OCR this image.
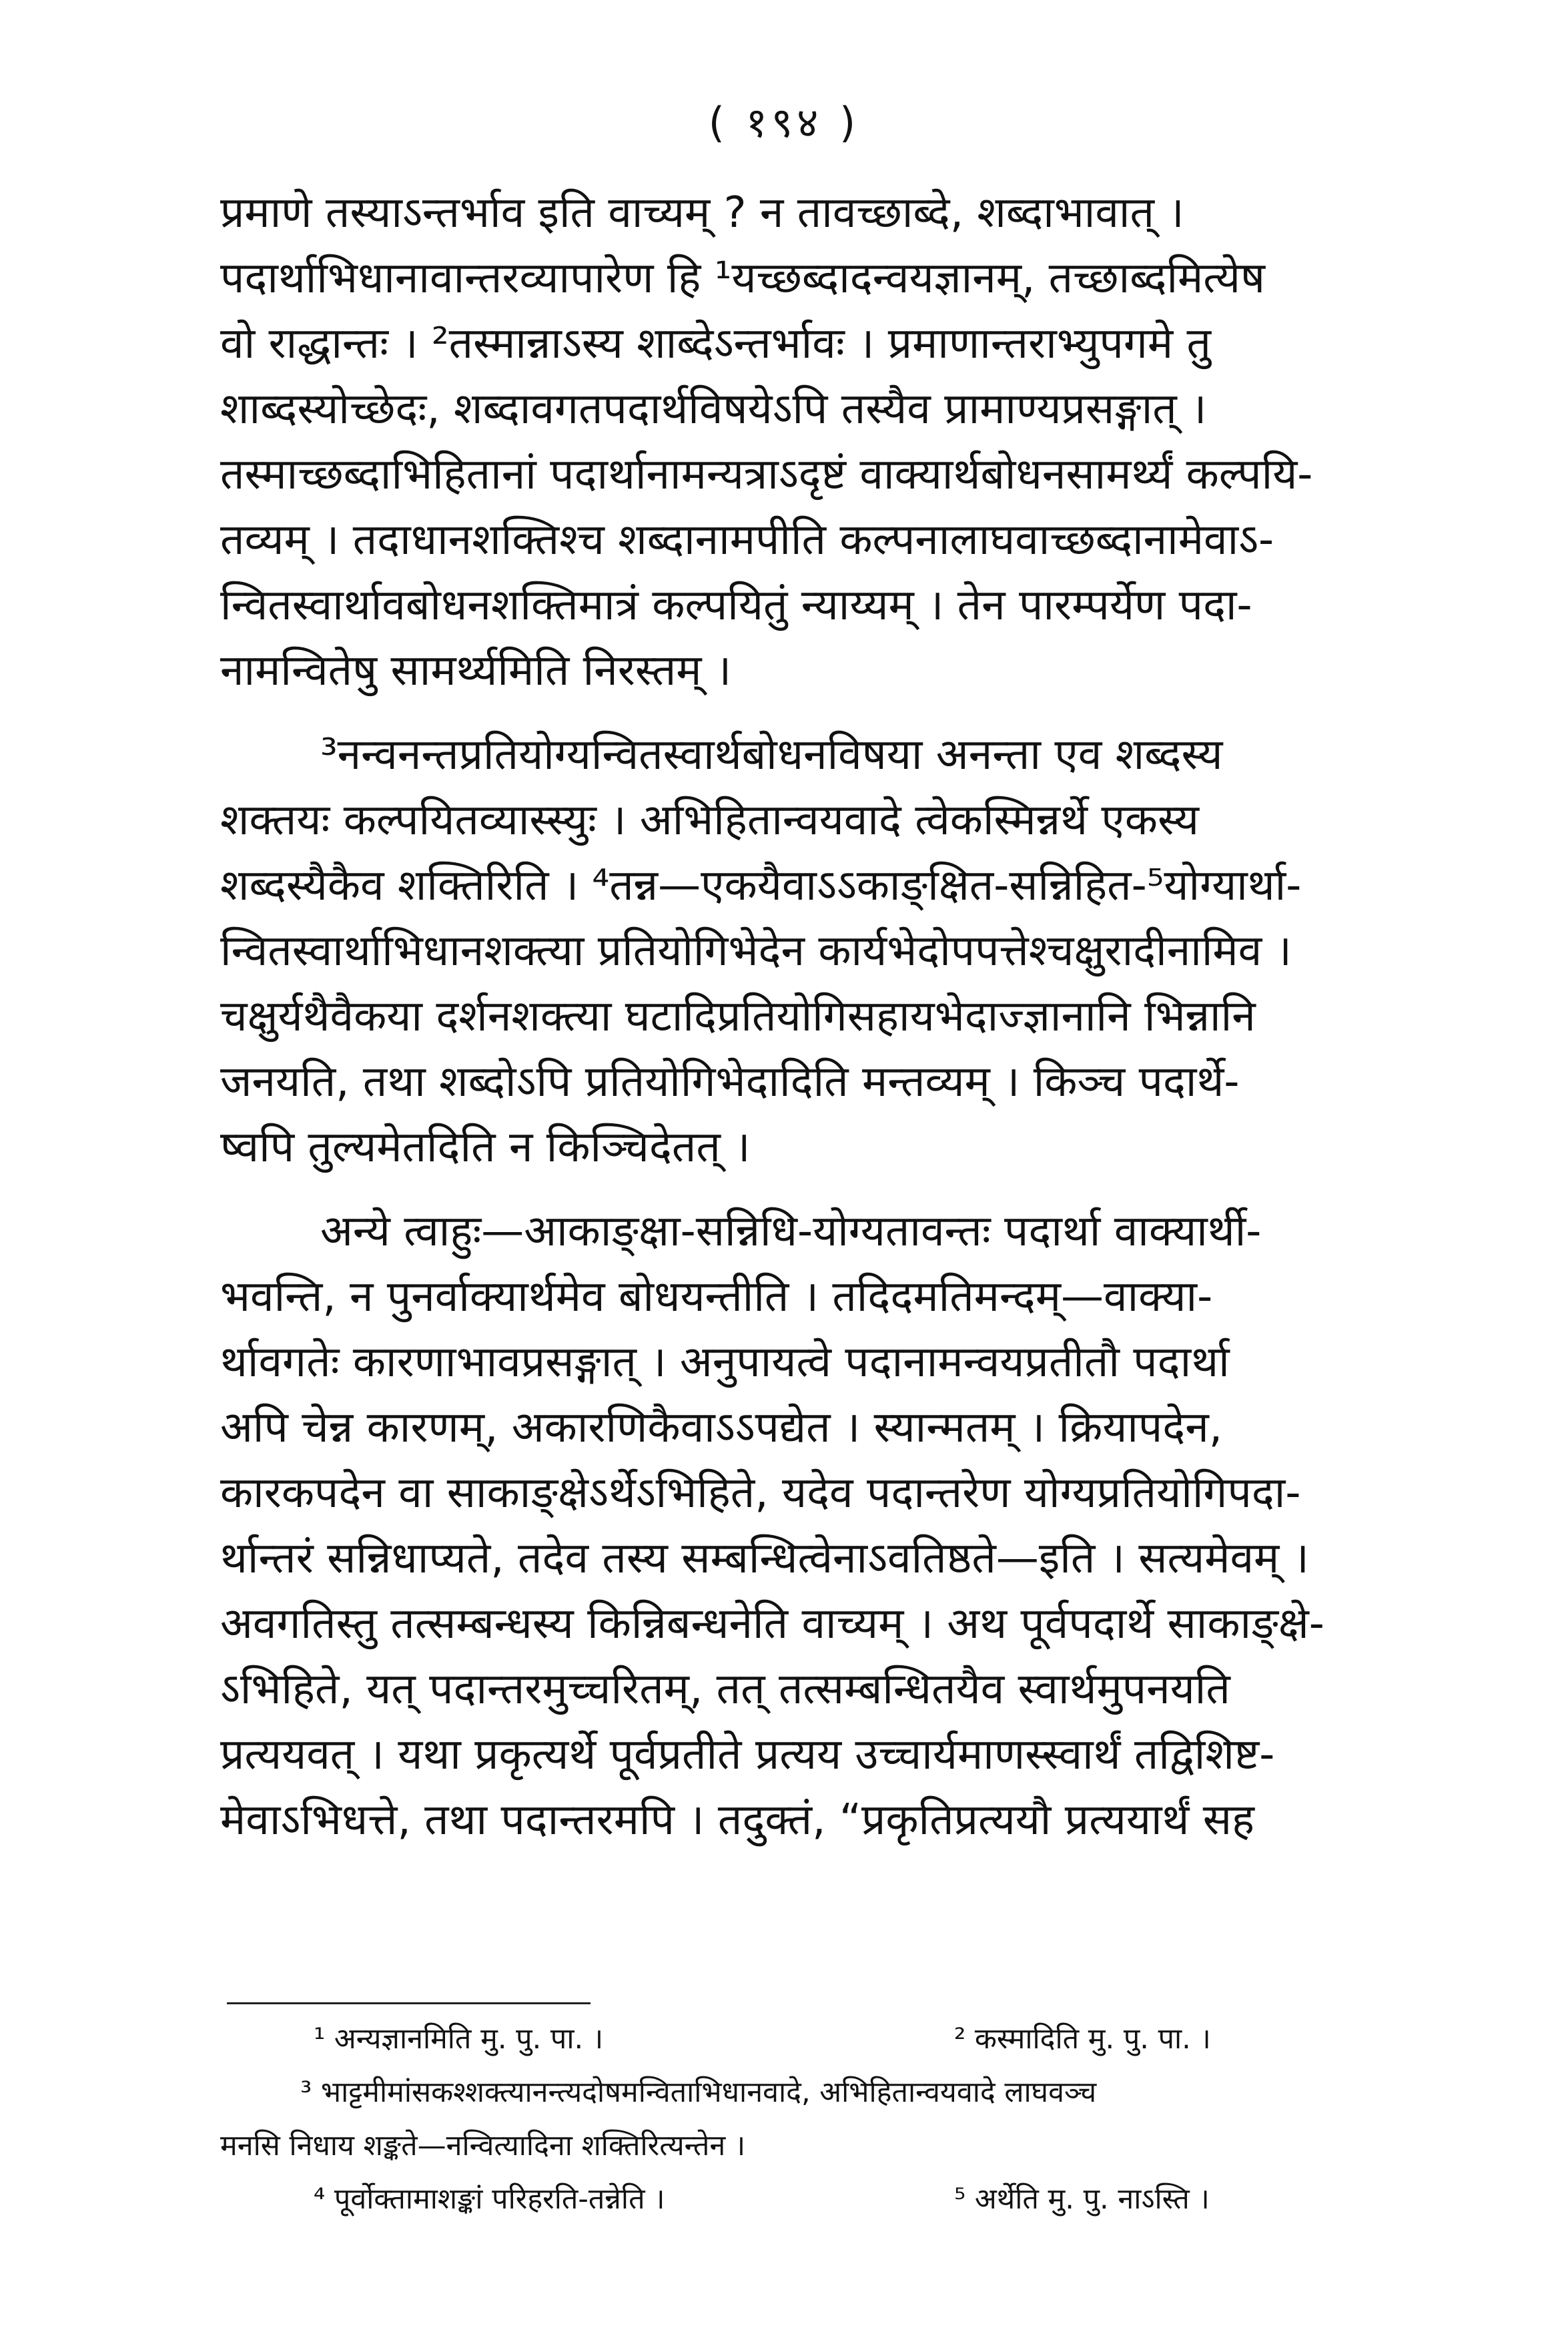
( १९४ )

प्रमाणे तस्याऽन्तर्भाव इति वाच्यम् ? न तावच्छाब्दे, शब्दाभावात् ।
पदार्थाभिधानावान्तरव्यापारेण हि ¹यच्छब्दादन्वयज्ञानम्, तच्छाब्दमित्येष
वो राद्धान्तः । ²तस्मान्नाऽस्य शाब्देऽन्तर्भावः । प्रमाणान्तराभ्युपगमे तु
शाब्दस्योच्छेदः, शब्दावगतपदार्थविषयेऽपि तस्यैव प्रामाण्यप्रसङ्गात् ।
तस्माच्छब्दाभिहितानां पदार्थानामन्यत्राऽदृष्टं वाक्यार्थबोधनसामर्थ्यं कल्पयि-
तव्यम् । तदाधानशक्तिश्च शब्दानामपीति कल्पनालाघवाच्छब्दानामेवाऽ-
न्वितस्वार्थावबोधनशक्तिमात्रं कल्पयितुं न्याय्यम् । तेन पारम्पर्येण पदा-
नामन्वितेषु सामर्थ्यमिति निरस्तम् ।

³नन्वनन्तप्रतियोग्यन्वितस्वार्थबोधनविषया अनन्ता एव शब्दस्य
शक्तयः कल्पयितव्यास्स्युः । अभिहितान्वयवादे त्वेकस्मिन्नर्थे एकस्य
शब्दस्यैकैव शक्तिरिति । ⁴तन्न—एकयैवाऽऽकाङ्क्षित-सन्निहित-⁵योग्यार्था-
न्वितस्वार्थाभिधानशक्त्या प्रतियोगिभेदेन कार्यभेदोपपत्तेश्चक्षुरादीनामिव ।
चक्षुर्यथैवैकया दर्शनशक्त्या घटादिप्रतियोगिसहायभेदाज्ज्ञानानि भिन्नानि
जनयति, तथा शब्दोऽपि प्रतियोगिभेदादिति मन्तव्यम् । किञ्च पदार्थे-
ष्वपि तुल्यमेतदिति न किञ्चिदेतत् ।

अन्ये त्वाहुः—आकाङ्क्षा-सन्निधि-योग्यतावन्तः पदार्था वाक्यार्थी-
भवन्ति, न पुनर्वाक्यार्थमेव बोधयन्तीति । तदिदमतिमन्दम्—वाक्या-
र्थावगतेः कारणाभावप्रसङ्गात् । अनुपायत्वे पदानामन्वयप्रतीतौ पदार्था
अपि चेन्न कारणम्, अकारणिकैवाऽऽपद्येत । स्यान्मतम् । क्रियापदेन,
कारकपदेन वा साकाङ्क्षेऽर्थेऽभिहिते, यदेव पदान्तरेण योग्यप्रतियोगिपदा-
र्थान्तरं सन्निधाप्यते, तदेव तस्य सम्बन्धित्वेनाऽवतिष्ठते—इति । सत्यमेवम् ।
अवगतिस्तु तत्सम्बन्धस्य किन्निबन्धनेति वाच्यम् । अथ पूर्वपदार्थे साकाङ्क्षे-
ऽभिहिते, यत् पदान्तरमुच्चरितम्, तत् तत्सम्बन्धितयैव स्वार्थमुपनयति
प्रत्ययवत् । यथा प्रकृत्यर्थे पूर्वप्रतीते प्रत्यय उच्चार्यमाणस्स्वार्थं तद्विशिष्ट-
मेवाऽभिधत्ते, तथा पदान्तरमपि । तदुक्तं, “प्रकृतिप्रत्ययौ प्रत्ययार्थं सह

¹ अन्यज्ञानमिति मु. पु. पा. ।	² कस्मादिति मु. पु. पा. ।
³ भाट्टमीमांसकश्शक्त्यानन्त्यदोषमन्विताभिधानवादे, अभिहितान्वयवादे लाघवञ्च
मनसि निधाय शङ्कते—नन्वित्यादिना शक्तिरित्यन्तेन ।
⁴ पूर्वोक्तामाशङ्कां परिहरति-तन्नेति ।	⁵ अर्थेति मु. पु. नाऽस्ति ।
